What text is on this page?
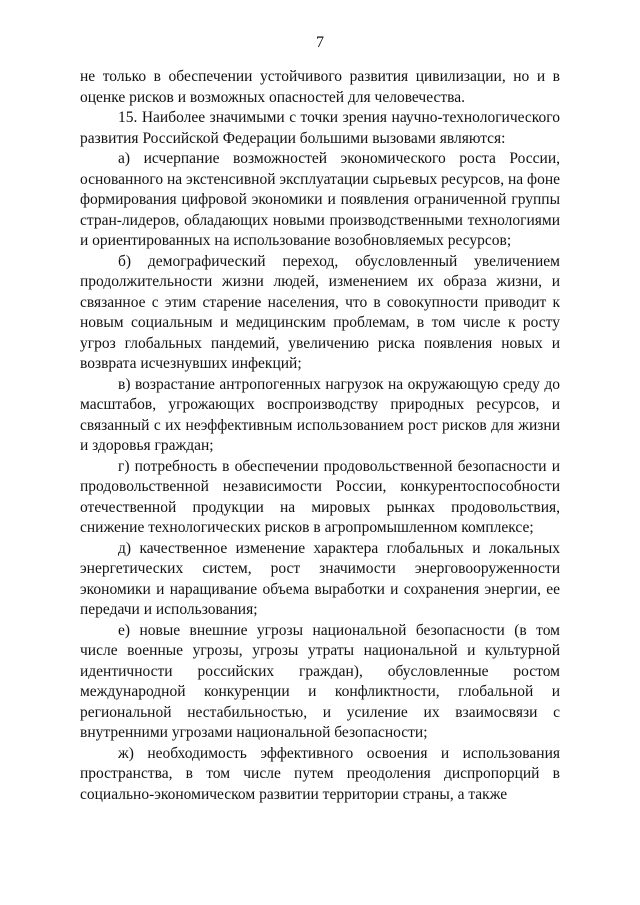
7

не только в обеспечении устойчивого развития цивилизации, но и в оценке рисков и возможных опасностей для человечества.

15. Наиболее значимыми с точки зрения научно-технологического развития Российской Федерации большими вызовами являются:

а) исчерпание возможностей экономического роста России, основанного на экстенсивной эксплуатации сырьевых ресурсов, на фоне формирования цифровой экономики и появления ограниченной группы стран-лидеров, обладающих новыми производственными технологиями и ориентированных на использование возобновляемых ресурсов;

б) демографический переход, обусловленный увеличением продолжительности жизни людей, изменением их образа жизни, и связанное с этим старение населения, что в совокупности приводит к новым социальным и медицинским проблемам, в том числе к росту угроз глобальных пандемий, увеличению риска появления новых и возврата исчезнувших инфекций;

в) возрастание антропогенных нагрузок на окружающую среду до масштабов, угрожающих воспроизводству природных ресурсов, и связанный с их неэффективным использованием рост рисков для жизни и здоровья граждан;

г) потребность в обеспечении продовольственной безопасности и продовольственной независимости России, конкурентоспособности отечественной продукции на мировых рынках продовольствия, снижение технологических рисков в агропромышленном комплексе;

д) качественное изменение характера глобальных и локальных энергетических систем, рост значимости энерговооруженности экономики и наращивание объема выработки и сохранения энергии, ее передачи и использования;

е) новые внешние угрозы национальной безопасности (в том числе военные угрозы, угрозы утраты национальной и культурной идентичности российских граждан), обусловленные ростом международной конкуренции и конфликтности, глобальной и региональной нестабильностью, и усиление их взаимосвязи с внутренними угрозами национальной безопасности;

ж) необходимость эффективного освоения и использования пространства, в том числе путем преодоления диспропорций в социально-экономическом развитии территории страны, а также
